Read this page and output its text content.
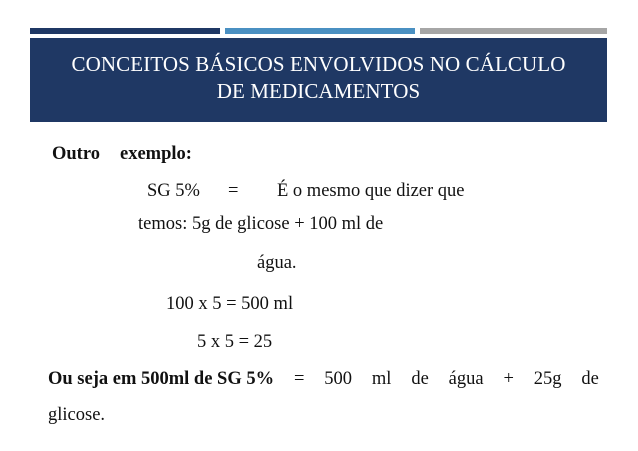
CONCEITOS BÁSICOS ENVOLVIDOS NO CÁLCULO
DE MEDICAMENTOS
Outro exemplo:
SG 5% = É o mesmo que dizer que
temos: 5g de glicose + 100 ml de
água.
100 x 5 = 500 ml
5 x 5 = 25
Ou seja em 500ml de SG 5% = 500 ml de água + 25g de
glicose.
